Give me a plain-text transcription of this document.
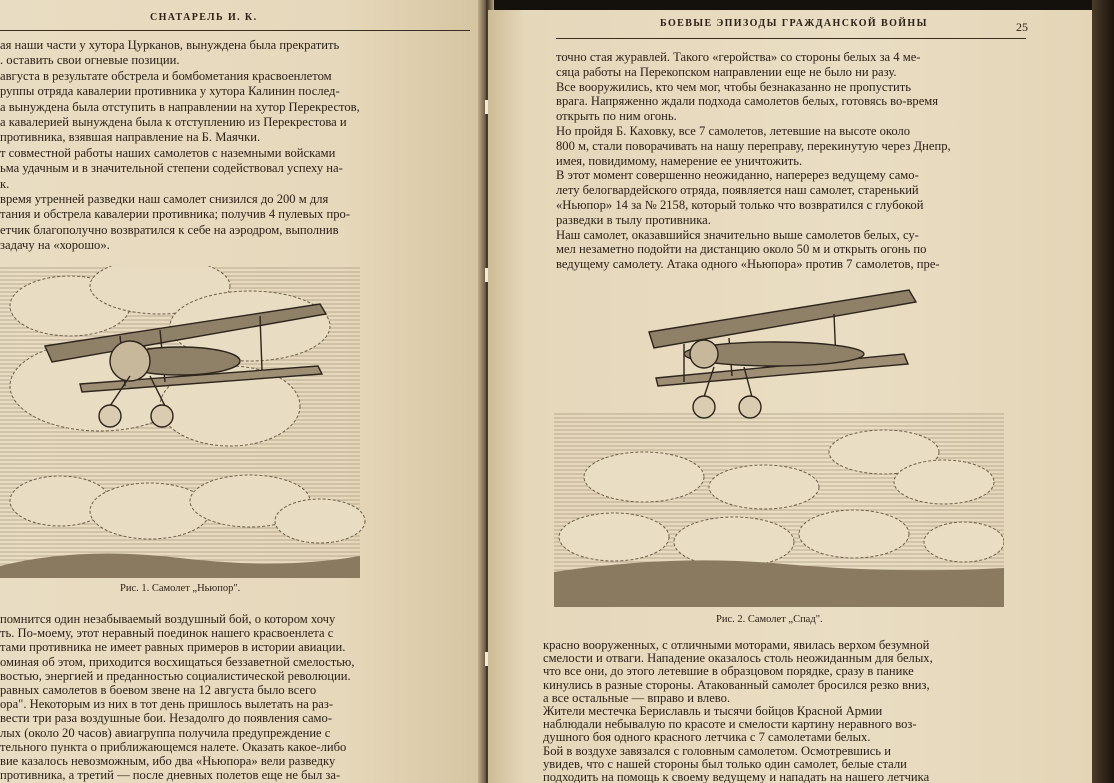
СНАТАРЕЛЬ И. К.
ая наши части у хутора Цурканов, вынуждена была прекратить
. оставить свои огневые позиции.
августа в результате обстрела и бомбометания красвоенлетом
руппы отряда кавалерии противника у хутора Калинин послед-
а вынуждена была отступить в направлении на хутор Перекрестов,
а кавалерией вынуждена была к отступлению из Перекрестова и
противника, взявшая направление на Б. Маячки.
т совместной работы наших самолетов с наземными войсками
ьма удачным и в значительной степени содействовал успеху на-
к.
время утренней разведки наш самолет снизился до 200 м для
тания и обстрела кавалерии противника; получив 4 пулевых про-
етчик благополучно возвратился к себе на аэродром, выполнив
задачу на «хорошо».
Рис. 1. Самолет „Ньюпор".
помнится один незабываемый воздушный бой, о котором хочу
ть. По-моему, этот неравный поединок нашего красвоенлета с
тами противника не имеет равных примеров в истории авиации.
оминая об этом, приходится восхищаться беззаветной смелостью,
востью, энергией и преданностью социалистической революции.
равных самолетов в боевом звене на 12 августа было всего
ора". Некоторым из них в тот день пришлось вылетать на раз-
вести три раза воздушные бои. Незадолго до появления само-
лых (около 20 часов) авиагруппа получила предупреждение с
тельного пункта о приближающемся налете. Оказать какое-либо
вие казалось невозможным, ибо два «Ньюпора» вели разведку
противника, а третий — после дневных полетов еще не был за-
БОЕВЫЕ ЭПИЗОДЫ ГРАЖДАНСКОЙ ВОЙНЫ	25
точно стая журавлей. Такого «геройства» со стороны белых за 4 ме-
сяца работы на Перекопском направлении еще не было ни разу.
Все вооружились, кто чем мог, чтобы безнаказанно не пропустить
врага. Напряженно ждали подхода самолетов белых, готовясь во-время
открыть по ним огонь.
Но пройдя Б. Каховку, все 7 самолетов, летевшие на высоте около
800 м, стали поворачивать на нашу переправу, перекинутую через Днепр,
имея, повидимому, намерение ее уничтожить.
В этот момент совершенно неожиданно, наперерез ведущему само-
лету белогвардейского отряда, появляется наш самолет, старенький
«Ньюпор» 14 за № 2158, который только что возвратился с глубокой
разведки в тылу противника.
Наш самолет, оказавшийся значительно выше самолетов белых, су-
мел незаметно подойти на дистанцию около 50 м и открыть огонь по
ведущему самолету. Атака одного «Ньюпора» против 7 самолетов, пре-
Рис. 2. Самолет „Спад".
красно вооруженных, с отличными моторами, явилась верхом безумной
смелости и отваги. Нападение оказалось столь неожиданным для белых,
что все они, до этого летевшие в образцовом порядке, сразу в панике
кинулись в разные стороны. Атакованный самолет бросился резко вниз,
а все остальные — вправо и влево.
Жители местечка Бериславль и тысячи бойцов Красной Армии
наблюдали небывалую по красоте и смелости картину неравного воз-
душного боя одного красного летчика с 7 самолетами белых.
Бой в воздухе завязался с головным самолетом. Осмотревшись и
увидев, что с нашей стороны был только один самолет, белые стали
подходить на помощь к своему ведущему и нападать на нашего летчика
